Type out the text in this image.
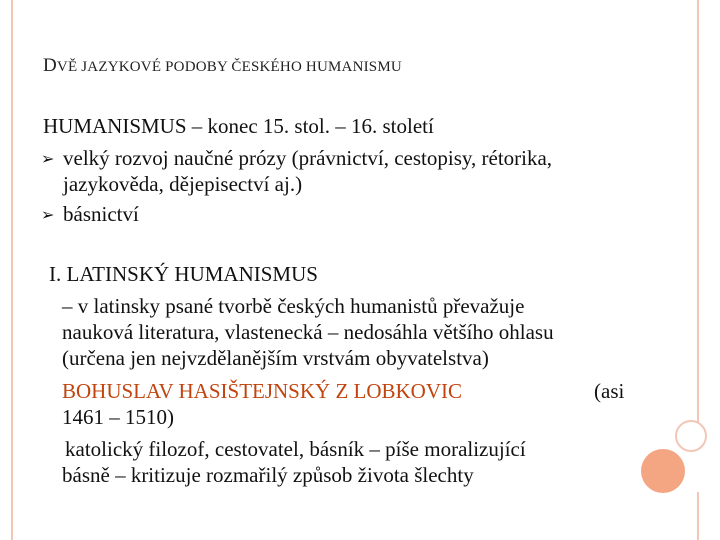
DVĚ JAZYKOVÉ PODOBY ČESKÉHO HUMANISMU
HUMANISMUS – konec 15. stol. – 16. století
➢ velký rozvoj naučné prózy (právnictví, cestopisy, rétorika,
jazykověda, dějepisectví aj.)
➢ básnictví
I. LATINSKÝ HUMANISMUS
– v latinsky psané tvorbě českých humanistů převažuje
nauková literatura, vlastenecká – nedosáhla většího ohlasu
(určena jen nejvzdělanějším vrstvám obyvatelstva)
BOHUSLAV HASIŠTEJNSKÝ Z LOBKOVIC	(asi
1461 – 1510)
katolický filozof, cestovatel, básník – píše moralizující
básně – kritizuje rozmařilý způsob života šlechty
